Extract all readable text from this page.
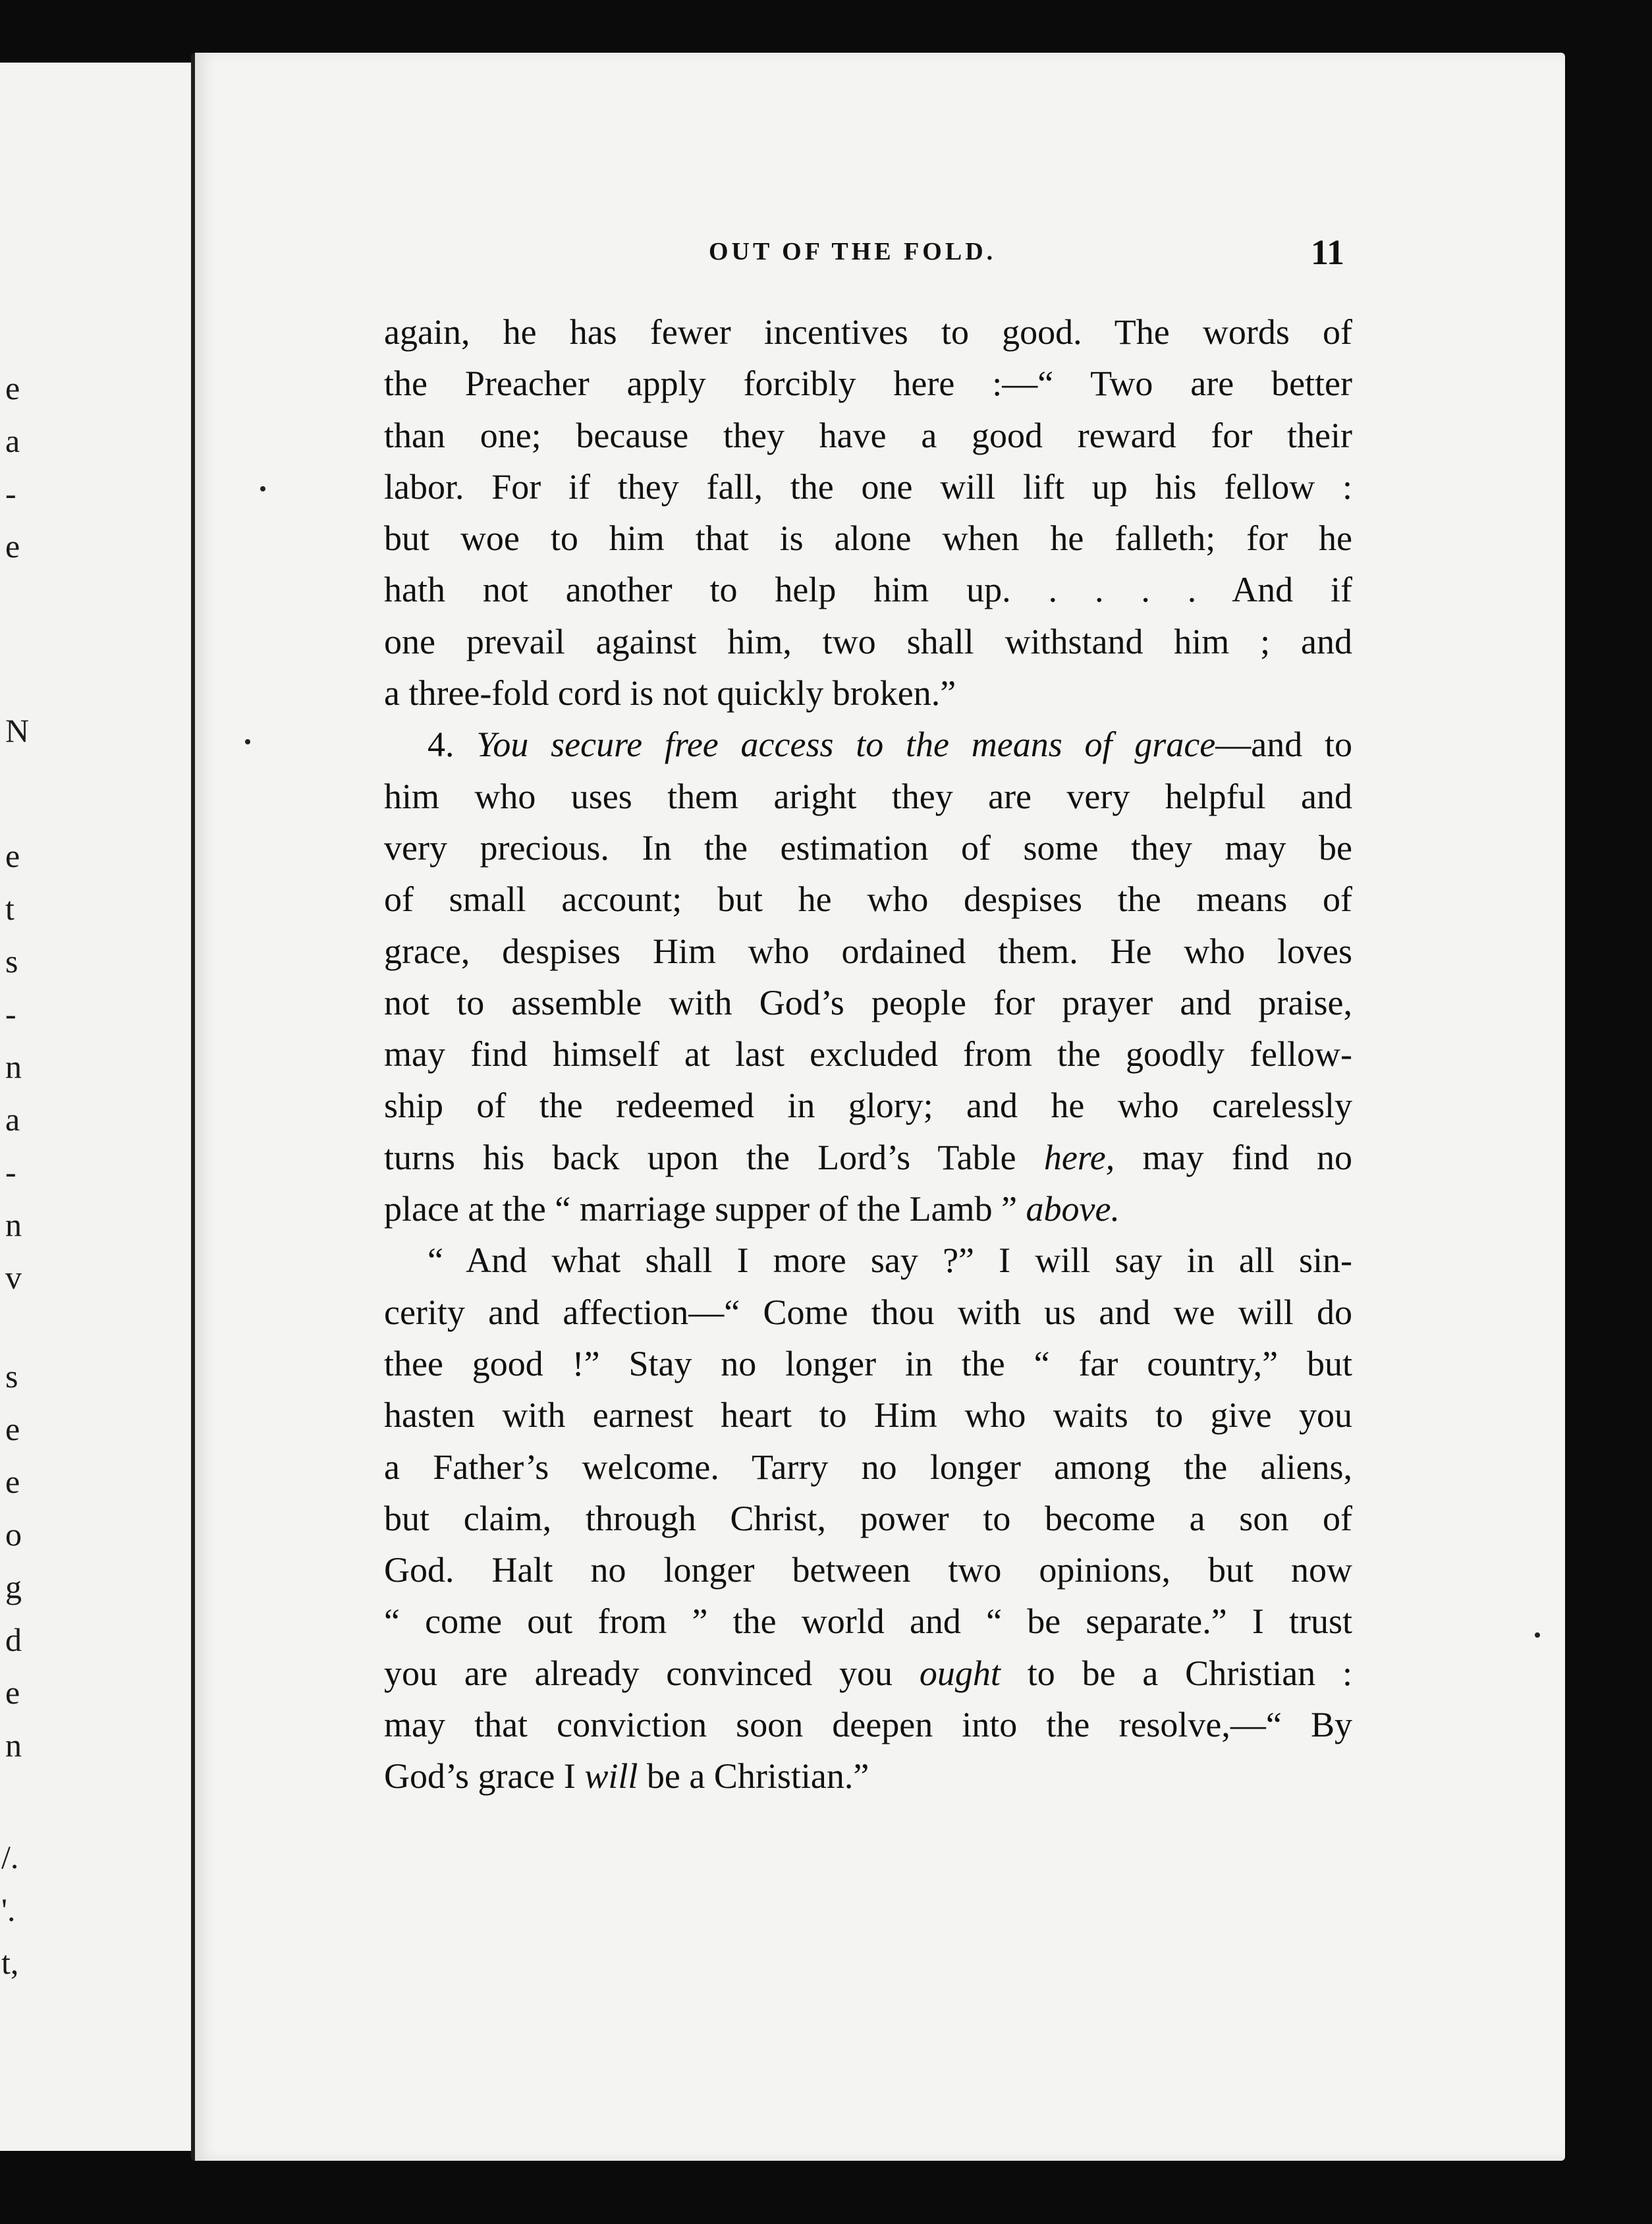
e
a
-
e
N
e
t
s
-
n
a
-
n
v
s
e
e
o
g
d
e
n
/.
'.
t,
OUT OF THE FOLD.	11
again, he has fewer incentives to good. The words of
the Preacher apply forcibly here :—“ Two are better
than one; because they have a good reward for their
labor. For if they fall, the one will lift up his fellow :
but woe to him that is alone when he falleth; for he
hath not another to help him up. . . . . And if
one prevail against him, two shall withstand him ; and
a three-fold cord is not quickly broken.”
4. You secure free access to the means of grace—and to
him who uses them aright they are very helpful and
very precious. In the estimation of some they may be
of small account; but he who despises the means of
grace, despises Him who ordained them. He who loves
not to assemble with God’s people for prayer and praise,
may find himself at last excluded from the goodly fellow-
ship of the redeemed in glory; and he who carelessly
turns his back upon the Lord’s Table here, may find no
place at the “ marriage supper of the Lamb ” above.
“ And what shall I more say ?” I will say in all sin-
cerity and affection—“ Come thou with us and we will do
thee good !” Stay no longer in the “ far country,” but
hasten with earnest heart to Him who waits to give you
a Father’s welcome. Tarry no longer among the aliens,
but claim, through Christ, power to become a son of
God. Halt no longer between two opinions, but now
“ come out from ” the world and “ be separate.” I trust
you are already convinced you ought to be a Christian :
may that conviction soon deepen into the resolve,—“ By
God’s grace I will be a Christian.”
